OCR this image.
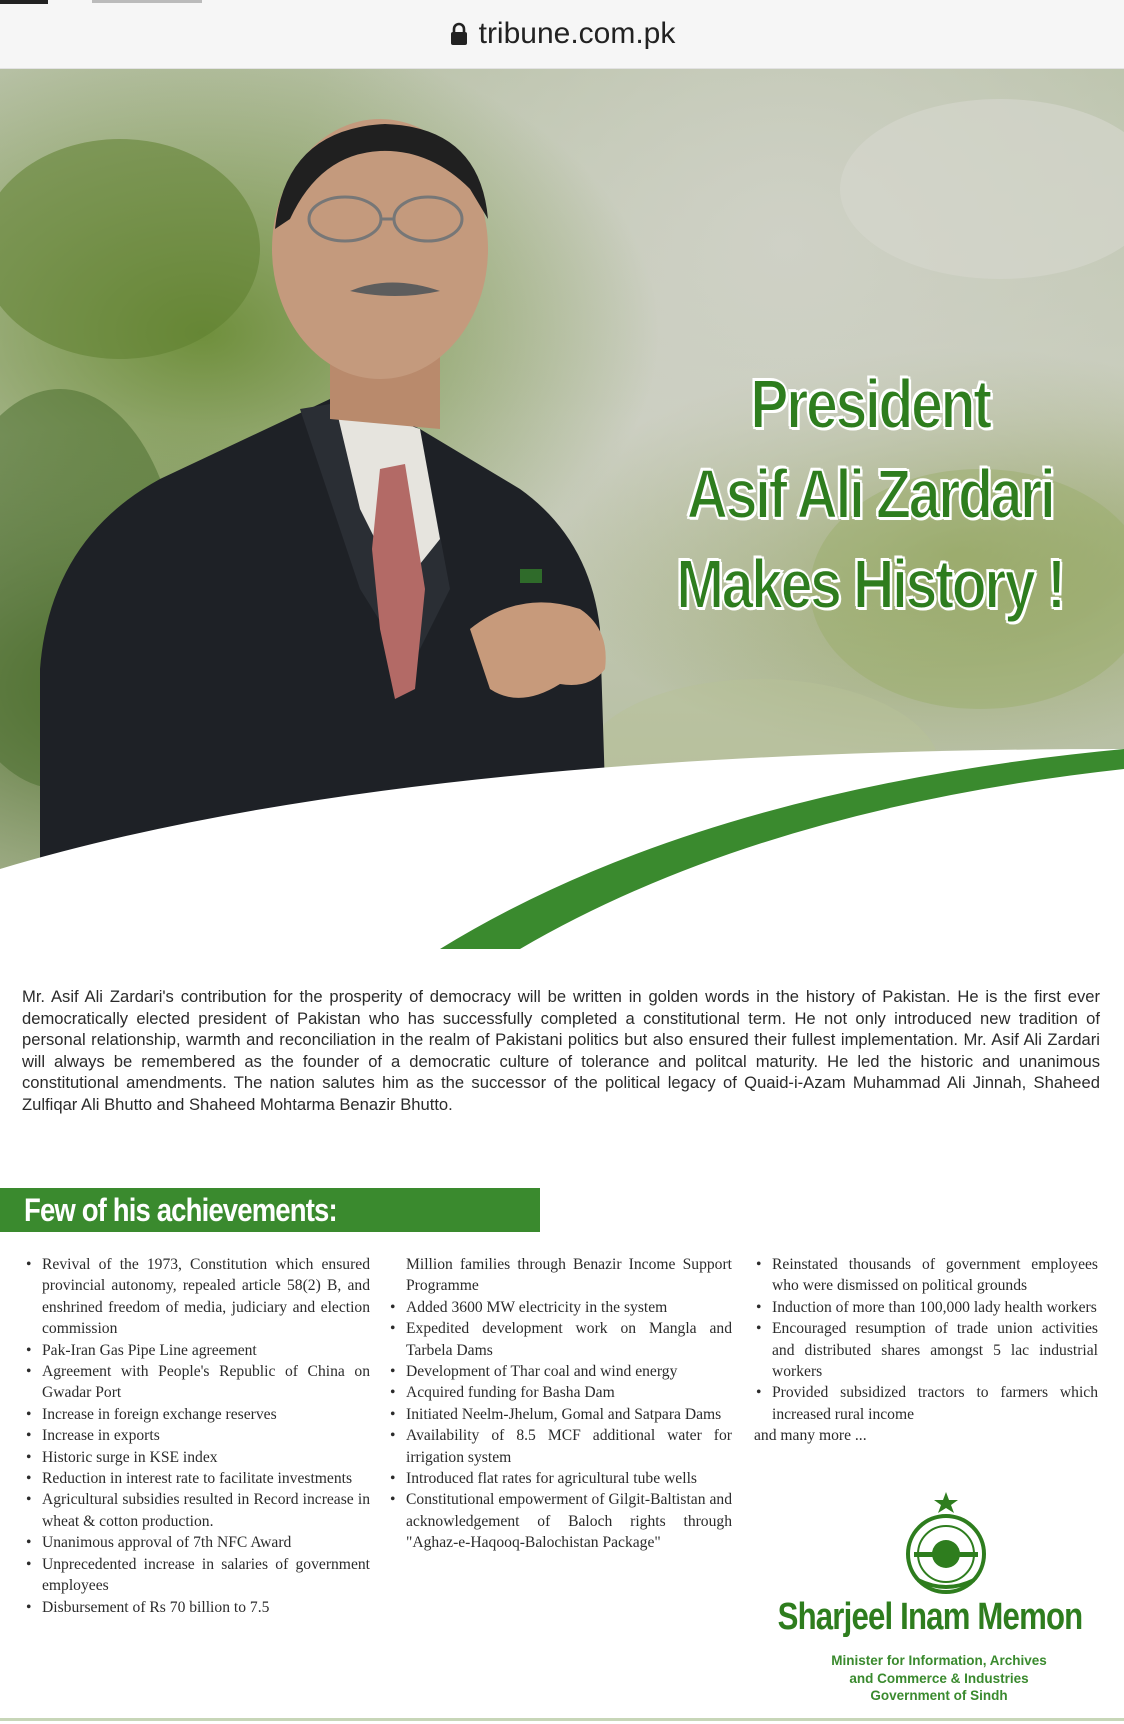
tribune.com.pk
President
Asif Ali Zardari
Makes History !
Mr. Asif Ali Zardari's contribution for the prosperity of democracy will be written in golden words in the history of Pakistan. He is the first ever democratically elected president of Pakistan who has successfully completed a constitutional term. He not only introduced new tradition of personal relationship, warmth and reconciliation in the realm of Pakistani politics but also ensured their fullest implementation. Mr. Asif Ali Zardari will always be remembered as the founder of a democratic culture of tolerance and politcal maturity. He led the historic and unanimous constitutional amendments. The nation salutes him as the successor of the political legacy of Quaid-i-Azam Muhammad Ali Jinnah, Shaheed Zulfiqar Ali Bhutto and Shaheed Mohtarma Benazir Bhutto.
Few of his achievements:
• Revival of the 1973, Constitution which ensured provincial autonomy, repealed article 58(2) B, and enshrined freedom of media, judiciary and election commission
• Pak-Iran Gas Pipe Line agreement
• Agreement with People's Republic of China on Gwadar Port
• Increase in foreign exchange reserves
• Increase in exports
• Historic surge in KSE index
• Reduction in interest rate to facilitate investments
• Agricultural subsidies resulted in Record increase in wheat & cotton production.
• Unanimous approval of 7th NFC Award
• Unprecedented increase in salaries of government employees
• Disbursement of Rs 70 billion to 7.5
Million families through Benazir Income Support Programme
• Added 3600 MW electricity in the system
• Expedited development work on Mangla and Tarbela Dams
• Development of Thar coal and wind energy
• Acquired funding for Basha Dam
• Initiated Neelm-Jhelum, Gomal and Satpara Dams
• Availability of 8.5 MCF additional water for irrigation system
• Introduced flat rates for agricultural tube wells
• Constitutional empowerment of Gilgit-Baltistan and acknowledgement of Baloch rights through "Aghaz-e-Haqooq-Balochistan Package"
• Reinstated thousands of government employees who were dismissed on political grounds
• Induction of more than 100,000 lady health workers
• Encouraged resumption of trade union activities and distributed shares amongst 5 lac industrial workers
• Provided subsidized tractors to farmers which increased rural income
and many more ...
Sharjeel Inam Memon
Minister for Information, Archives
and Commerce & Industries
Government of Sindh
